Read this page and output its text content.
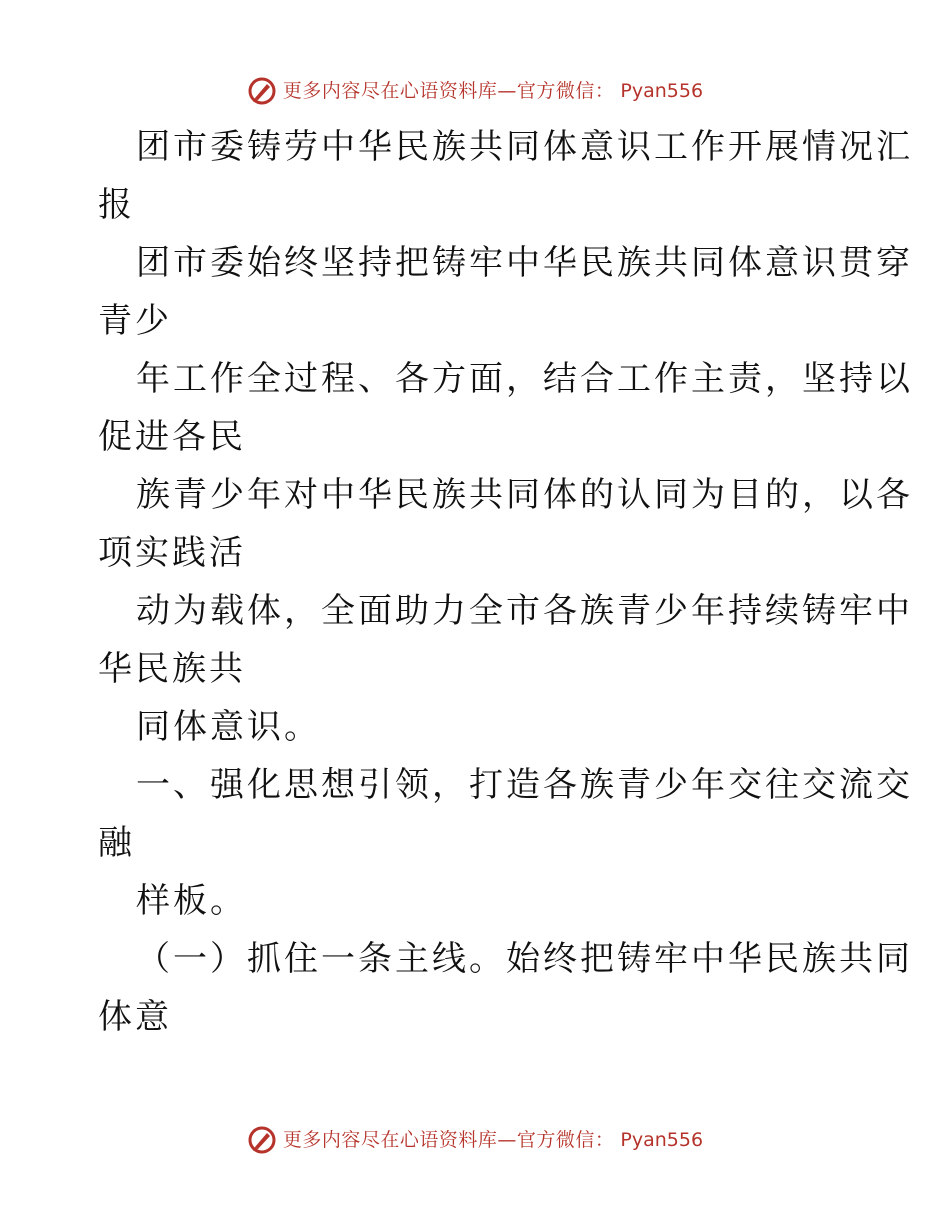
更多内容尽在心语资料库—官方微信： Pyan556
团市委铸劳中华民族共同体意识工作开展情况汇
报
团市委始终坚持把铸牢中华民族共同体意识贯穿
青少
年工作全过程、各方面，结合工作主责，坚持以
促进各民
族青少年对中华民族共同体的认同为目的，以各
项实践活
动为载体，全面助力全市各族青少年持续铸牢中
华民族共
同体意识。
一、强化思想引领，打造各族青少年交往交流交
融
样板。
（一）抓住一条主线。始终把铸牢中华民族共同
体意
更多内容尽在心语资料库—官方微信： Pyan556
